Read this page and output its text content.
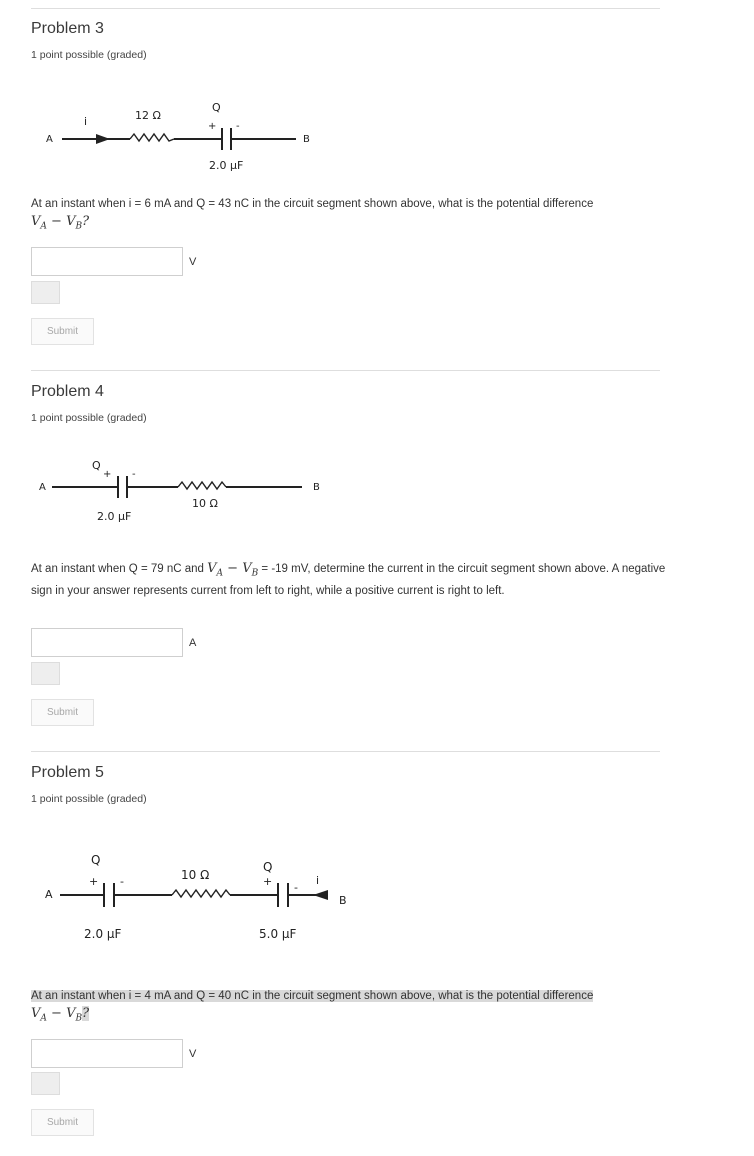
Problem 3
1 point possible (graded)
A	B
i	12 Ω
Q
+ -
2.0 µF
At an instant when i = 6 mA and Q = 43 nC in the circuit segment shown above, what is the potential difference
$V_A - V_B$?
V
Submit
Problem 4
1 point possible (graded)
A	B
Q
+ -
10 Ω
2.0 µF
At an instant when Q = 79 nC and $V_A - V_B = -19$ mV, determine the current in the circuit segment shown above. A negative sign in your answer represents current from left to right, while a positive current is right to left.
A
Submit
Problem 5
1 point possible (graded)
A	B
Q
+ -	10 Ω
Q
+ -
i
2.0 µF	5.0 µF
At an instant when i = 4 mA and Q = 40 nC in the circuit segment shown above, what is the potential difference
$V_A - V_B$?
V
Submit
